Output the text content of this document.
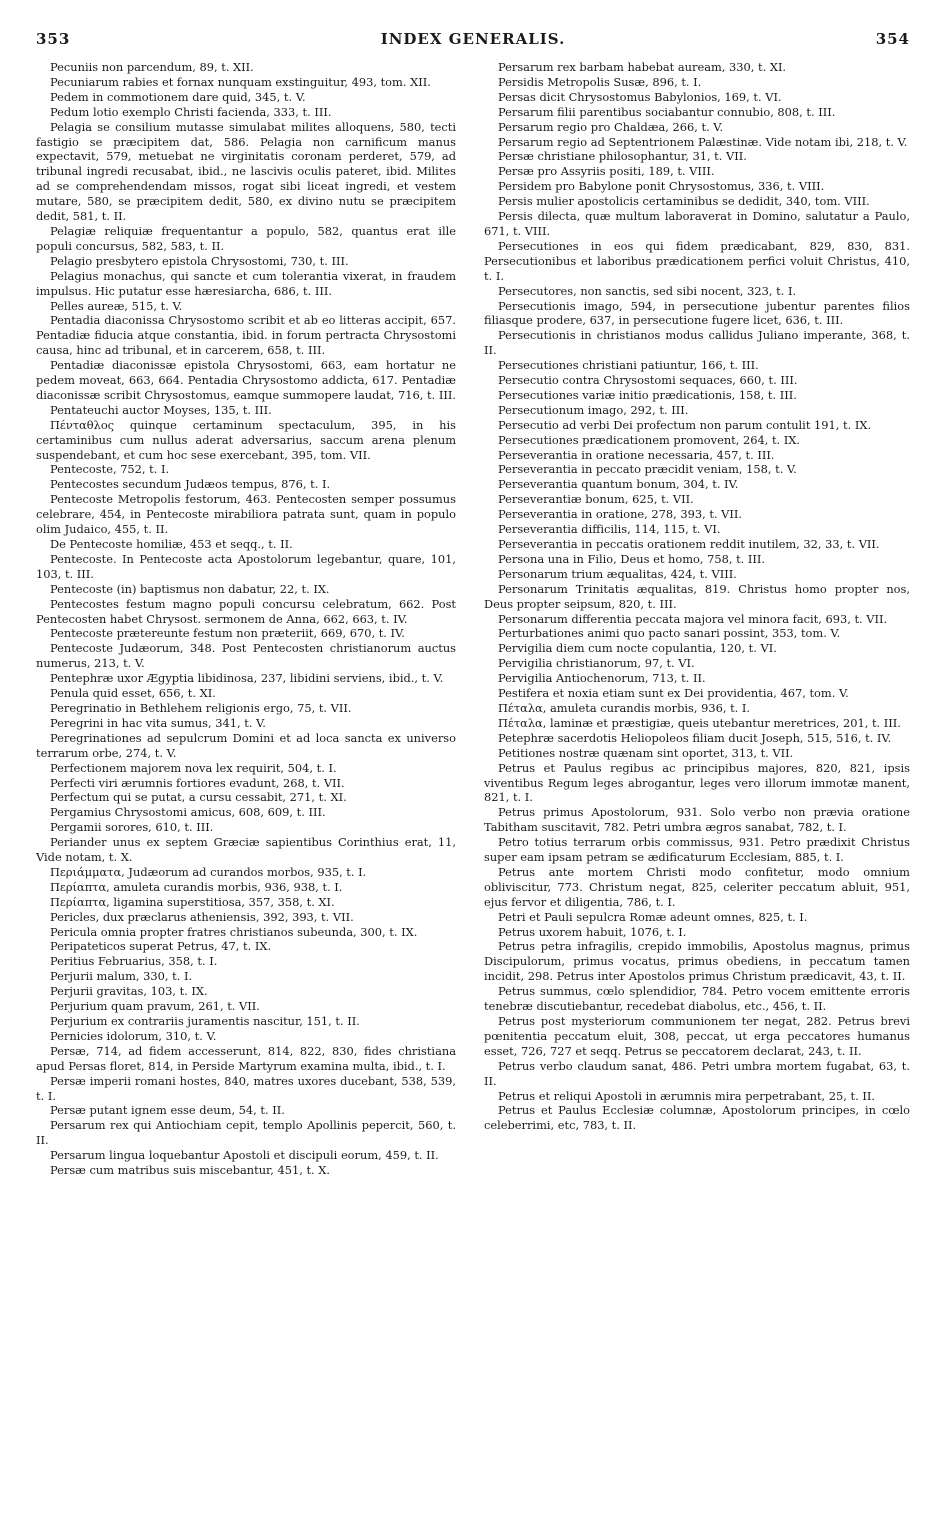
353	INDEX GENERALIS.	354

Pecuniis non parcendum, 89, t. XII.

Pecuniarum rabies et fornax nunquam exstinguitur, 493, tom. XII.

Pedem in commotionem dare quid, 345, t. V.

Pedum lotio exemplo Christi facienda, 333, t. III.

Pelagia se consilium mutasse simulabat milites alloquens, 580, tecti fastigio se præcipitem dat, 586. Pelagia non carnificum manus expectavit, 579, metuebat ne virginitatis coronam perderet, 579, ad tribunal ingredi recusabat, ibid., ne lascivis oculis pateret, ibid. Milites ad se comprehendendam missos, rogat sibi liceat ingredi, et vestem mutare, 580, se præcipitem dedit, 580, ex divino nutu se præcipitem dedit, 581, t. II.

Pelagiæ reliquiæ frequentantur a populo, 582, quantus erat ille populi concursus, 582, 583, t. II.

Pelagio presbytero epistola Chrysostomi, 730, t. III.

Pelagius monachus, qui sancte et cum tolerantia vixerat, in fraudem impulsus. Hic putatur esse hæresiarcha, 686, t. III.

Pelles aureæ, 515, t. V.

Pentadia diaconissa Chrysostomo scribit et ab eo litteras accipit, 657. Pentadiæ fiducia atque constantia, ibid. in forum pertracta Chrysostomi causa, hinc ad tribunal, et in carcerem, 658, t. III.

Pentadiæ diaconissæ epistola Chrysostomi, 663, eam hortatur ne pedem moveat, 663, 664. Pentadia Chrysostomo addicta, 617. Pentadiæ diaconissæ scribit Chrysostomus, eamque summopere laudat, 716, t. III.

Pentateuchi auctor Moyses, 135, t. III.

Πένταθλος quinque certaminum spectaculum, 395, in his certaminibus cum nullus aderat adversarius, saccum arena plenum suspendebant, et cum hoc sese exercebant, 395, tom. VII.

Pentecoste, 752, t. I.

Pentecostes secundum Judæos tempus, 876, t. I.

Pentecoste Metropolis festorum, 463. Pentecosten semper possumus celebrare, 454, in Pentecoste mirabiliora patrata sunt, quam in populo olim Judaico, 455, t. II.

De Pentecoste homiliæ, 453 et seqq., t. II.

Pentecoste. In Pentecoste acta Apostolorum legebantur, quare, 101, 103, t. III.

Pentecoste (in) baptismus non dabatur, 22, t. IX.

Pentecostes festum magno populi concursu celebratum, 662. Post Pentecosten habet Chrysost. sermonem de Anna, 662, 663, t. IV.

Pentecoste prætereunte festum non præteriit, 669, 670, t. IV.

Pentecoste Judæorum, 348. Post Pentecosten christianorum auctus numerus, 213, t. V.

Pentephræ uxor Ægyptia libidinosa, 237, libidini serviens, ibid., t. V.

Penula quid esset, 656, t. XI.

Peregrinatio in Bethlehem religionis ergo, 75, t. VII.

Peregrini in hac vita sumus, 341, t. V.

Peregrinationes ad sepulcrum Domini et ad loca sancta ex universo terrarum orbe, 274, t. V.

Perfectionem majorem nova lex requirit, 504, t. I.

Perfecti viri ærumnis fortiores evadunt, 268, t. VII.

Perfectum qui se putat, a cursu cessabit, 271, t. XI.

Pergamius Chrysostomi amicus, 608, 609, t. III.

Pergamii sorores, 610, t. III.

Periander unus ex septem Græciæ sapientibus Corinthius erat, 11, Vide notam, t. X.

Περιάμματα, Judæorum ad curandos morbos, 935, t. I.

Περίαπτα, amuleta curandis morbis, 936, 938, t. I.

Περίαπτα, ligamina superstitiosa, 357, 358, t. XI.

Pericles, dux præclarus atheniensis, 392, 393, t. VII.

Pericula omnia propter fratres christianos subeunda, 300, t. IX.

Peripateticos superat Petrus, 47, t. IX.

Peritius Februarius, 358, t. I.

Perjurii malum, 330, t. I.

Perjurii gravitas, 103, t. IX.

Perjurium quam pravum, 261, t. VII.

Perjurium ex contrariis juramentis nascitur, 151, t. II.

Pernicies idolorum, 310, t. V.

Persæ, 714, ad fidem accesserunt, 814, 822, 830, fides christiana apud Persas floret, 814, in Perside Martyrum examina multa, ibid., t. I.

Persæ imperii romani hostes, 840, matres uxores ducebant, 538, 539, t. I.

Persæ putant ignem esse deum, 54, t. II.

Persarum rex qui Antiochiam cepit, templo Apollinis pepercit, 560, t. II.

Persarum lingua loquebantur Apostoli et discipuli eorum, 459, t. II.

Persæ cum matribus suis miscebantur, 451, t. X.

Persarum rex barbam habebat auream, 330, t. XI.

Persidis Metropolis Susæ, 896, t. I.

Persas dicit Chrysostomus Babylonios, 169, t. VI.

Persarum filii parentibus sociabantur connubio, 808, t. III.

Persarum regio pro Chaldæa, 266, t. V.

Persarum regio ad Septentrionem Palæstinæ. Vide notam ibi, 218, t. V.

Persæ christiane philosophantur, 31, t. VII.

Persæ pro Assyriis positi, 189, t. VIII.

Persidem pro Babylone ponit Chrysostomus, 336, t. VIII.

Persis mulier apostolicis certaminibus se dedidit, 340, tom. VIII.

Persis dilecta, quæ multum laboraverat in Domino, salutatur a Paulo, 671, t. VIII.

Persecutiones in eos qui fidem prædicabant, 829, 830, 831. Persecutionibus et laboribus prædicationem perfici voluit Christus, 410, t. I.

Persecutores, non sanctis, sed sibi nocent, 323, t. I.

Persecutionis imago, 594, in persecutione jubentur parentes filios filiasque prodere, 637, in persecutione fugere licet, 636, t. III.

Persecutionis in christianos modus callidus Juliano imperante, 368, t. II.

Persecutiones christiani patiuntur, 166, t. III.

Persecutio contra Chrysostomi sequaces, 660, t. III.

Persecutiones variæ initio prædicationis, 158, t. III.

Persecutionum imago, 292, t. III.

Persecutio ad verbi Dei profectum non parum contulit 191, t. IX.

Persecutiones prædicationem promovent, 264, t. IX.

Perseverantia in oratione necessaria, 457, t. III.

Perseverantia in peccato præcidit veniam, 158, t. V.

Perseverantia quantum bonum, 304, t. IV.

Perseverantiæ bonum, 625, t. VII.

Perseverantia in oratione, 278, 393, t. VII.

Perseverantia difficilis, 114, 115, t. VI.

Perseverantia in peccatis orationem reddit inutilem, 32, 33, t. VII.

Persona una in Filio, Deus et homo, 758, t. III.

Personarum trium æqualitas, 424, t. VIII.

Personarum Trinitatis æqualitas, 819. Christus homo propter nos, Deus propter seipsum, 820, t. III.

Personarum differentia peccata majora vel minora facit, 693, t. VII.

Perturbationes animi quo pacto sanari possint, 353, tom. V.

Pervigilia diem cum nocte copulantia, 120, t. VI.

Pervigilia christianorum, 97, t. VI.

Pervigilia Antiochenorum, 713, t. II.

Pestifera et noxia etiam sunt ex Dei providentia, 467, tom. V.

Πέταλα, amuleta curandis morbis, 936, t. I.

Πέταλα, laminæ et præstigiæ, queis utebantur meretrices, 201, t. III.

Petephræ sacerdotis Heliopoleos filiam ducit Joseph, 515, 516, t. IV.

Petitiones nostræ quænam sint oportet, 313, t. VII.

Petrus et Paulus regibus ac principibus majores, 820, 821, ipsis viventibus Regum leges abrogantur, leges vero illorum immotæ manent, 821, t. I.

Petrus primus Apostolorum, 931. Solo verbo non prævia oratione Tabitham suscitavit, 782. Petri umbra ægros sanabat, 782, t. I.

Petro totius terrarum orbis commissus, 931. Petro prædixit Christus super eam ipsam petram se ædificaturum Ecclesiam, 885, t. I.

Petrus ante mortem Christi modo confitetur, modo omnium obliviscitur, 773. Christum negat, 825, celeriter peccatum abluit, 951, ejus fervor et diligentia, 786, t. I.

Petri et Pauli sepulcra Romæ adeunt omnes, 825, t. I.

Petrus uxorem habuit, 1076, t. I.

Petrus petra infragilis, crepido immobilis, Apostolus magnus, primus Discipulorum, primus vocatus, primus obediens, in peccatum tamen incidit, 298. Petrus inter Apostolos primus Christum prædicavit, 43, t. II.

Petrus summus, cœlo splendidior, 784. Petro vocem emittente erroris tenebræ discutiebantur, recedebat diabolus, etc., 456, t. II.

Petrus post mysteriorum communionem ter negat, 282. Petrus brevi pœnitentia peccatum eluit, 308, peccat, ut erga peccatores humanus esset, 726, 727 et seqq. Petrus se peccatorem declarat, 243, t. II.

Petrus verbo claudum sanat, 486. Petri umbra mortem fugabat, 63, t. II.

Petrus et reliqui Apostoli in ærumnis mira perpetrabant, 25, t. II.

Petrus et Paulus Ecclesiæ columnæ, Apostolorum principes, in cœlo celeberrimi, etc, 783, t. II.
